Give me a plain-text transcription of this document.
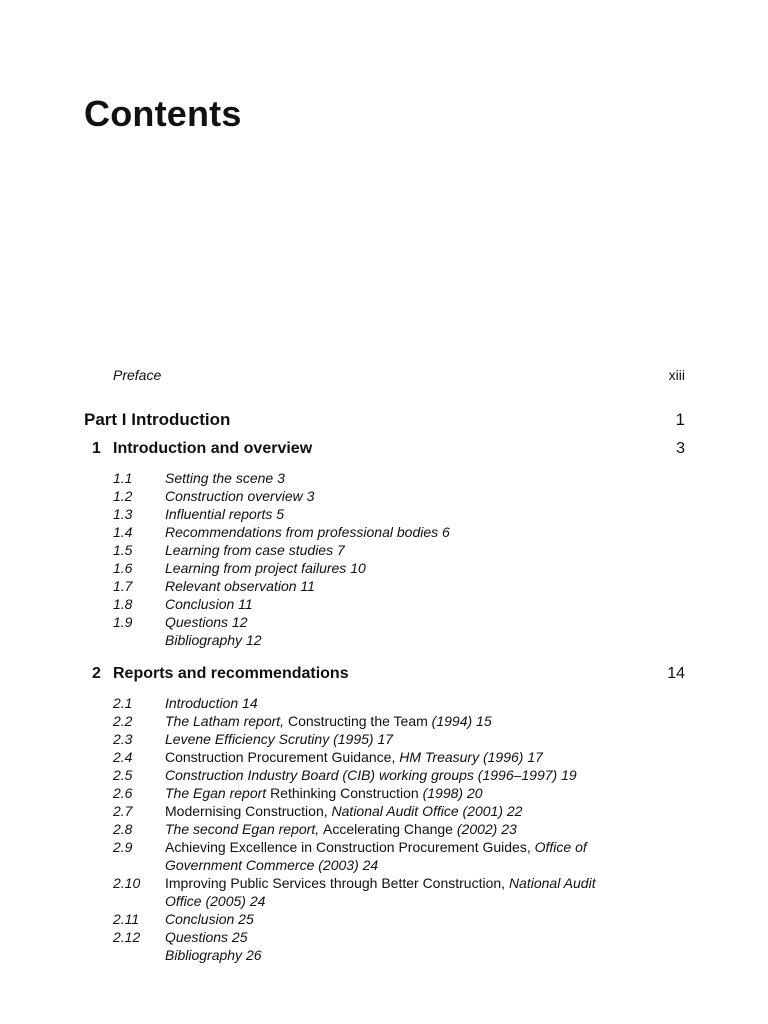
Contents
Preface	xiii
Part I Introduction	1
1 Introduction and overview	3
1.1 Setting the scene 3
1.2 Construction overview 3
1.3 Influential reports 5
1.4 Recommendations from professional bodies 6
1.5 Learning from case studies 7
1.6 Learning from project failures 10
1.7 Relevant observation 11
1.8 Conclusion 11
1.9 Questions 12
Bibliography 12
2 Reports and recommendations	14
2.1 Introduction 14
2.2 The Latham report, Constructing the Team (1994) 15
2.3 Levene Efficiency Scrutiny (1995) 17
2.4 Construction Procurement Guidance, HM Treasury (1996) 17
2.5 Construction Industry Board (CIB) working groups (1996–1997) 19
2.6 The Egan report Rethinking Construction (1998) 20
2.7 Modernising Construction, National Audit Office (2001) 22
2.8 The second Egan report, Accelerating Change (2002) 23
2.9 Achieving Excellence in Construction Procurement Guides, Office of Government Commerce (2003) 24
2.10 Improving Public Services through Better Construction, National Audit Office (2005) 24
2.11 Conclusion 25
2.12 Questions 25
Bibliography 26
